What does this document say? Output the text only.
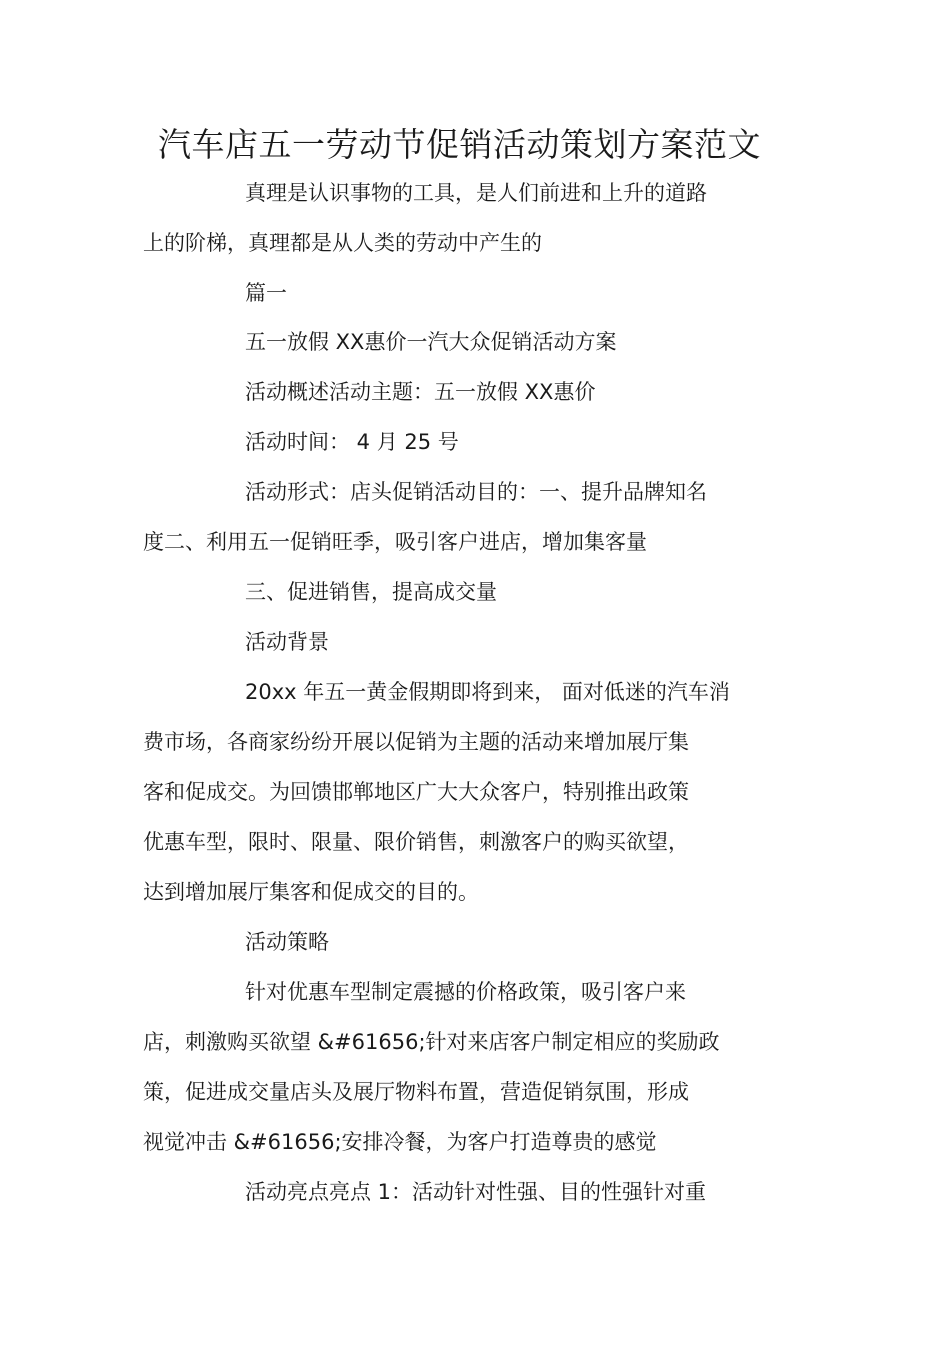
汽车店五一劳动节促销活动策划方案范文
真理是认识事物的工具，是人们前进和上升的道路
上的阶梯，真理都是从人类的劳动中产生的
篇一
五一放假 XX惠价一汽大众促销活动方案
活动概述活动主题：五一放假 XX惠价
活动时间： 4 月 25 号
活动形式：店头促销活动目的：一、提升品牌知名
度二、利用五一促销旺季，吸引客户进店，增加集客量
三、促进销售，提高成交量
活动背景
20xx 年五一黄金假期即将到来， 面对低迷的汽车消
费市场，各商家纷纷开展以促销为主题的活动来增加展厅集
客和促成交。为回馈邯郸地区广大大众客户，特别推出政策
优惠车型，限时、限量、限价销售，刺激客户的购买欲望，
达到增加展厅集客和促成交的目的。
活动策略
针对优惠车型制定震撼的价格政策，吸引客户来
店，刺激购买欲望 &#61656;针对来店客户制定相应的奖励政
策，促进成交量店头及展厅物料布置，营造促销氛围，形成
视觉冲击 &#61656;安排冷餐，为客户打造尊贵的感觉
活动亮点亮点 1：活动针对性强、目的性强针对重
